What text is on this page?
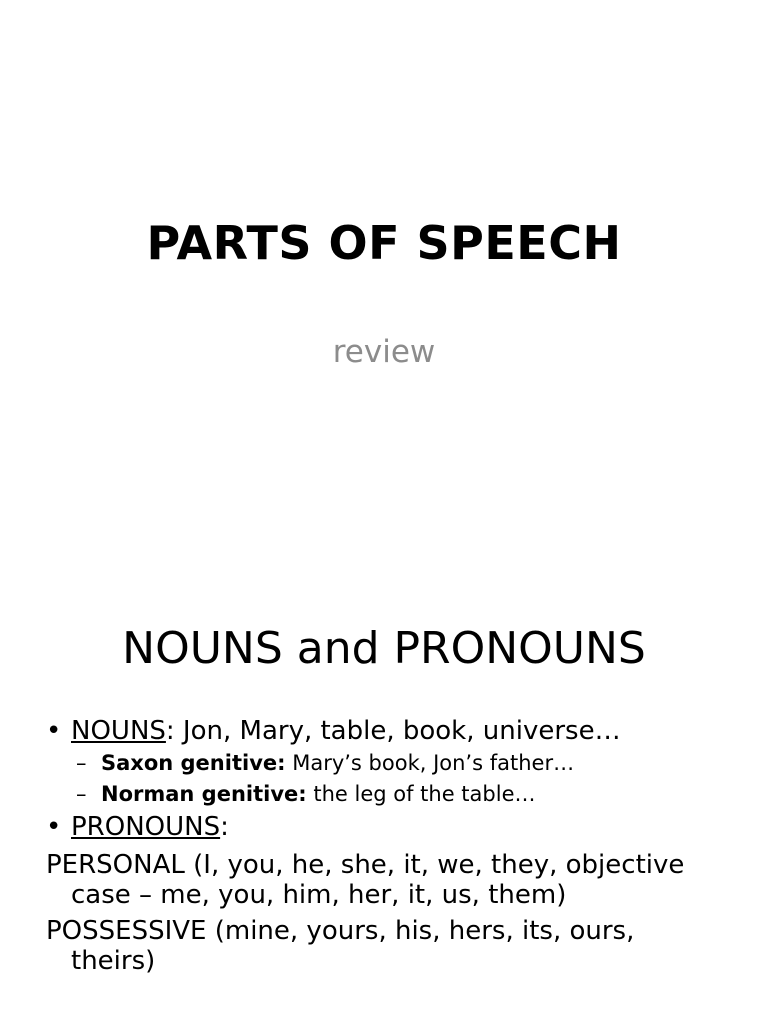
PARTS OF SPEECH
review
NOUNS and PRONOUNS
• NOUNS: Jon, Mary, table, book, universe…
– Saxon genitive: Mary’s book, Jon’s father…
– Norman genitive: the leg of the table…
• PRONOUNS:
PERSONAL (I, you, he, she, it, we, they, objective case – me, you, him, her, it, us, them)
POSSESSIVE (mine, yours, his, hers, its, ours, theirs)
